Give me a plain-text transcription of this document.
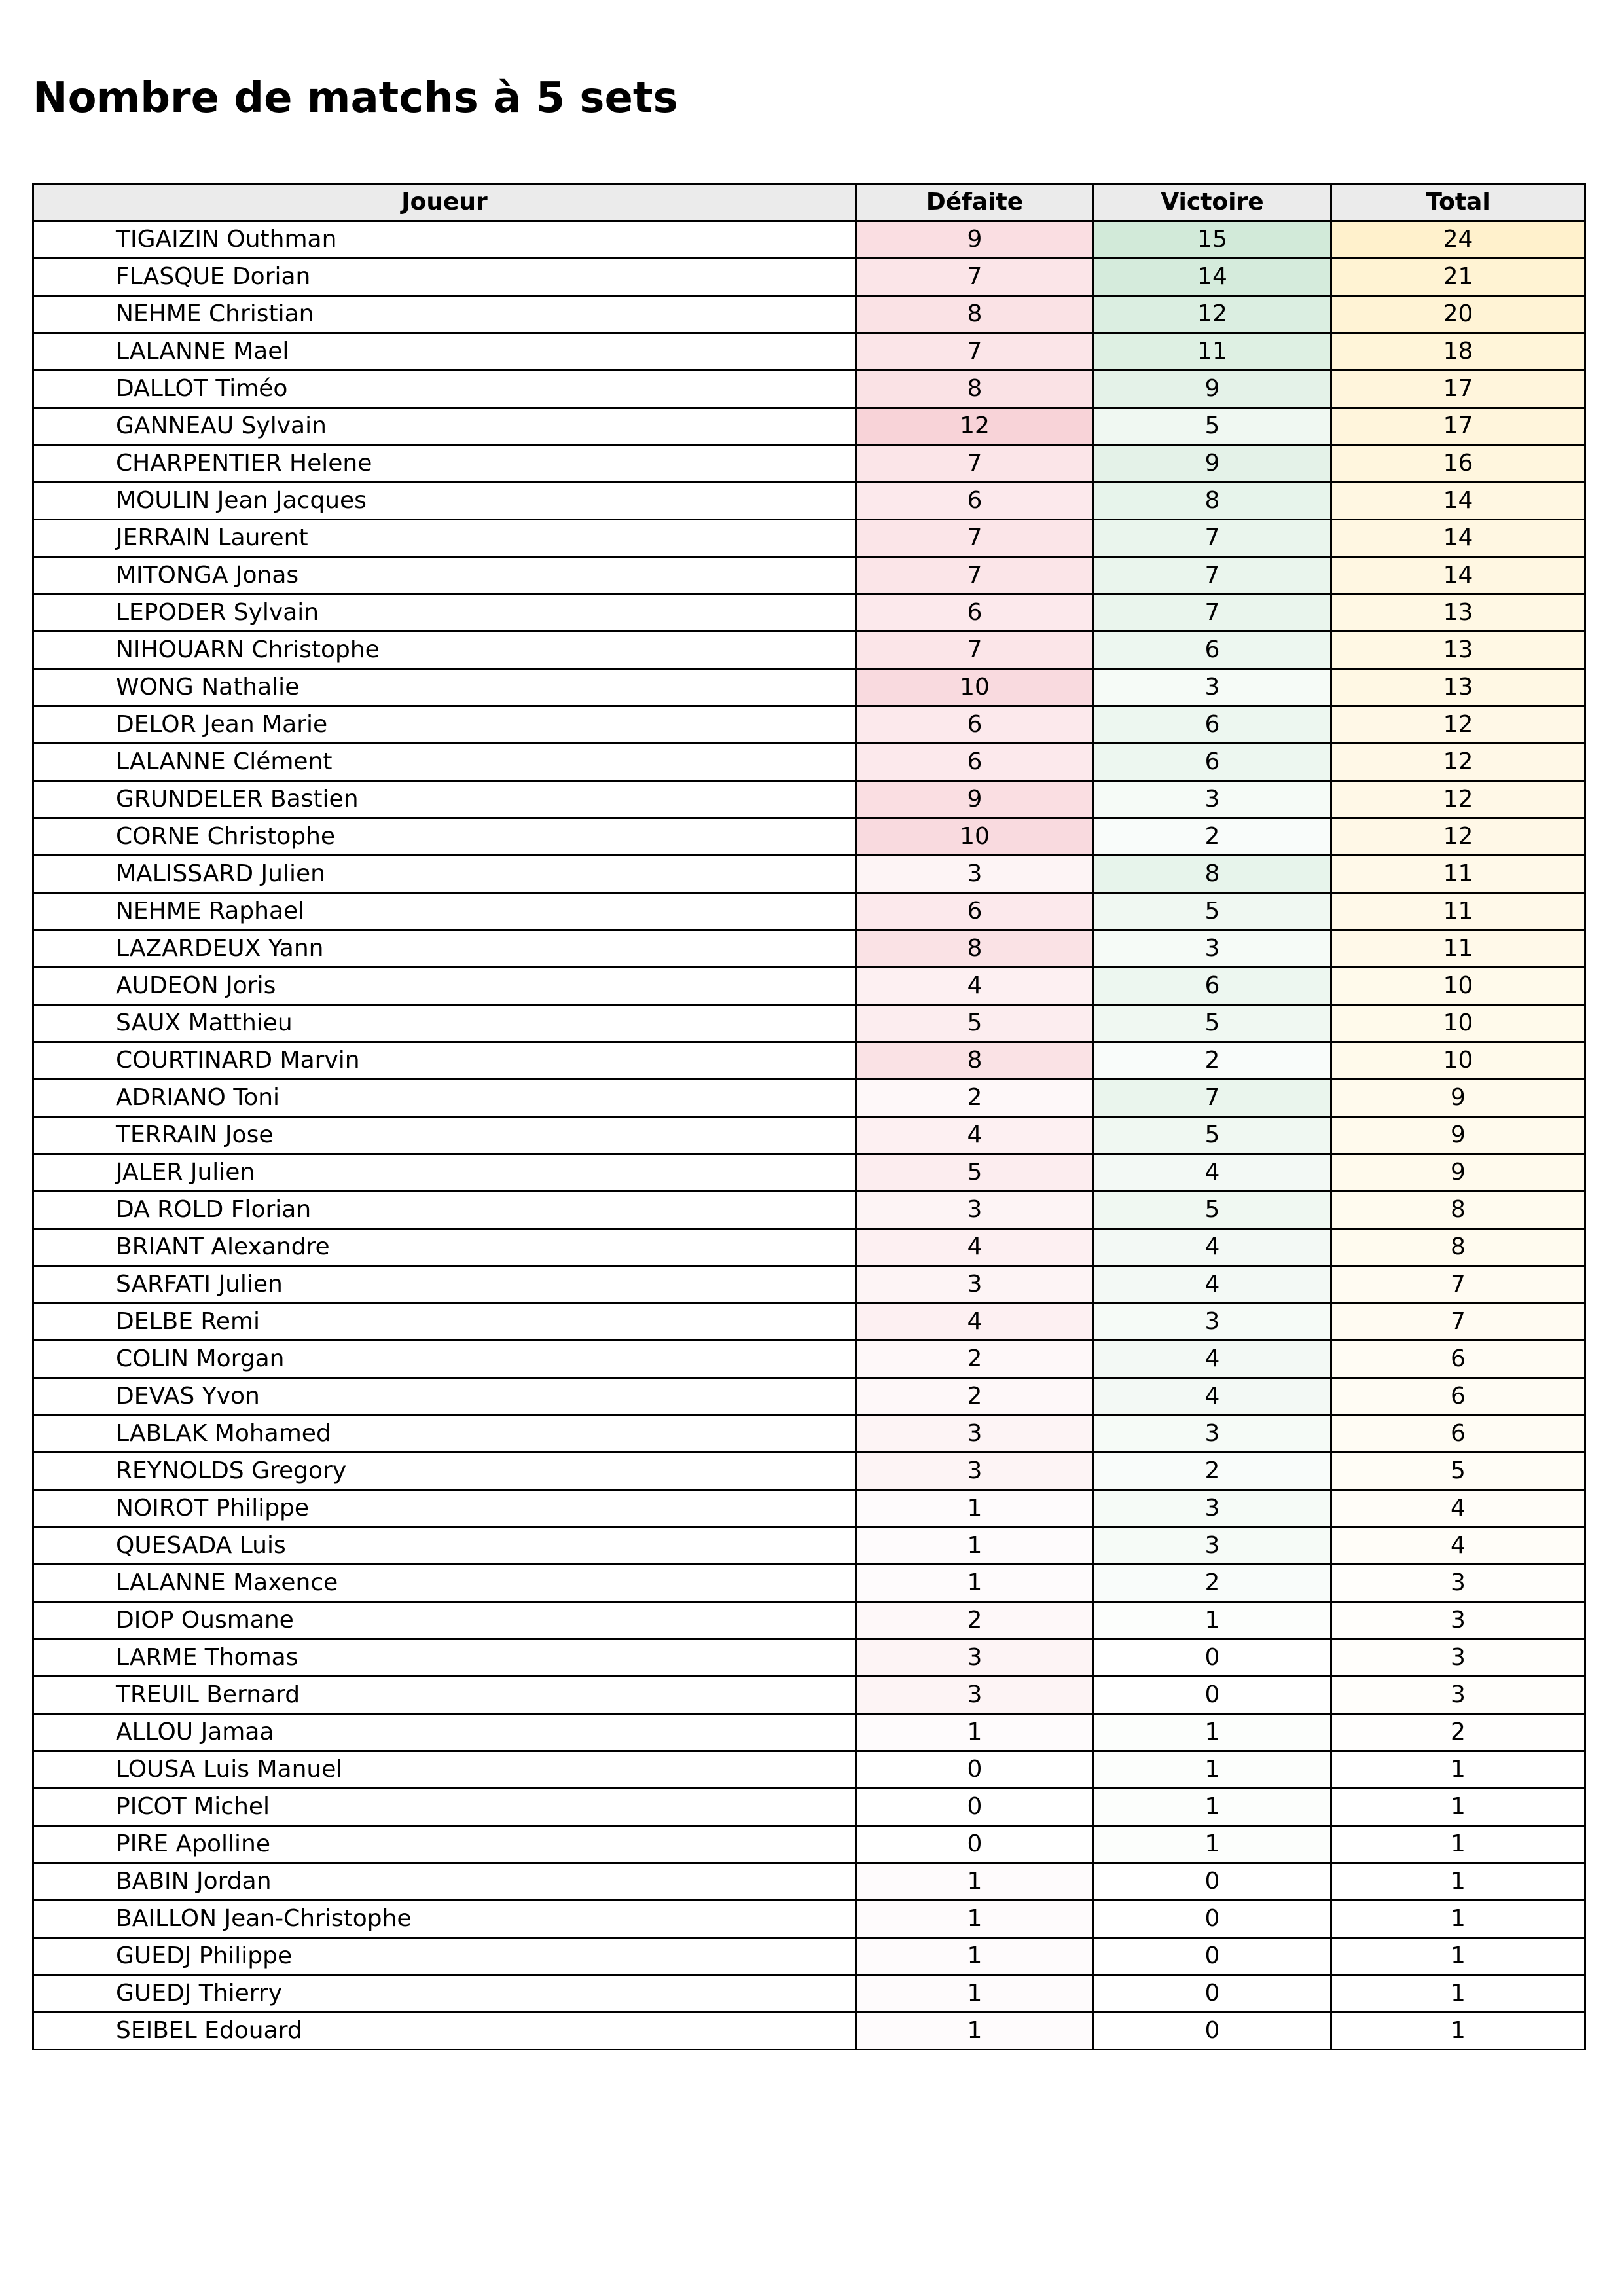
Nombre de matchs à 5 sets
Joueur	Défaite	Victoire	Total
TIGAIZIN Outhman	9	15	24
FLASQUE Dorian	7	14	21
NEHME Christian	8	12	20
LALANNE Mael	7	11	18
DALLOT Timéo	8	9	17
GANNEAU Sylvain	12	5	17
CHARPENTIER Helene	7	9	16
MOULIN Jean Jacques	6	8	14
JERRAIN Laurent	7	7	14
MITONGA Jonas	7	7	14
LEPODER Sylvain	6	7	13
NIHOUARN Christophe	7	6	13
WONG Nathalie	10	3	13
DELOR Jean Marie	6	6	12
LALANNE Clément	6	6	12
GRUNDELER Bastien	9	3	12
CORNE Christophe	10	2	12
MALISSARD Julien	3	8	11
NEHME Raphael	6	5	11
LAZARDEUX Yann	8	3	11
AUDEON Joris	4	6	10
SAUX Matthieu	5	5	10
COURTINARD Marvin	8	2	10
ADRIANO Toni	2	7	9
TERRAIN Jose	4	5	9
JALER Julien	5	4	9
DA ROLD Florian	3	5	8
BRIANT Alexandre	4	4	8
SARFATI Julien	3	4	7
DELBE Remi	4	3	7
COLIN Morgan	2	4	6
DEVAS Yvon	2	4	6
LABLAK Mohamed	3	3	6
REYNOLDS Gregory	3	2	5
NOIROT Philippe	1	3	4
QUESADA Luis	1	3	4
LALANNE Maxence	1	2	3
DIOP Ousmane	2	1	3
LARME Thomas	3	0	3
TREUIL Bernard	3	0	3
ALLOU Jamaa	1	1	2
LOUSA Luis Manuel	0	1	1
PICOT Michel	0	1	1
PIRE Apolline	0	1	1
BABIN Jordan	1	0	1
BAILLON Jean-Christophe	1	0	1
GUEDJ Philippe	1	0	1
GUEDJ Thierry	1	0	1
SEIBEL Edouard	1	0	1
